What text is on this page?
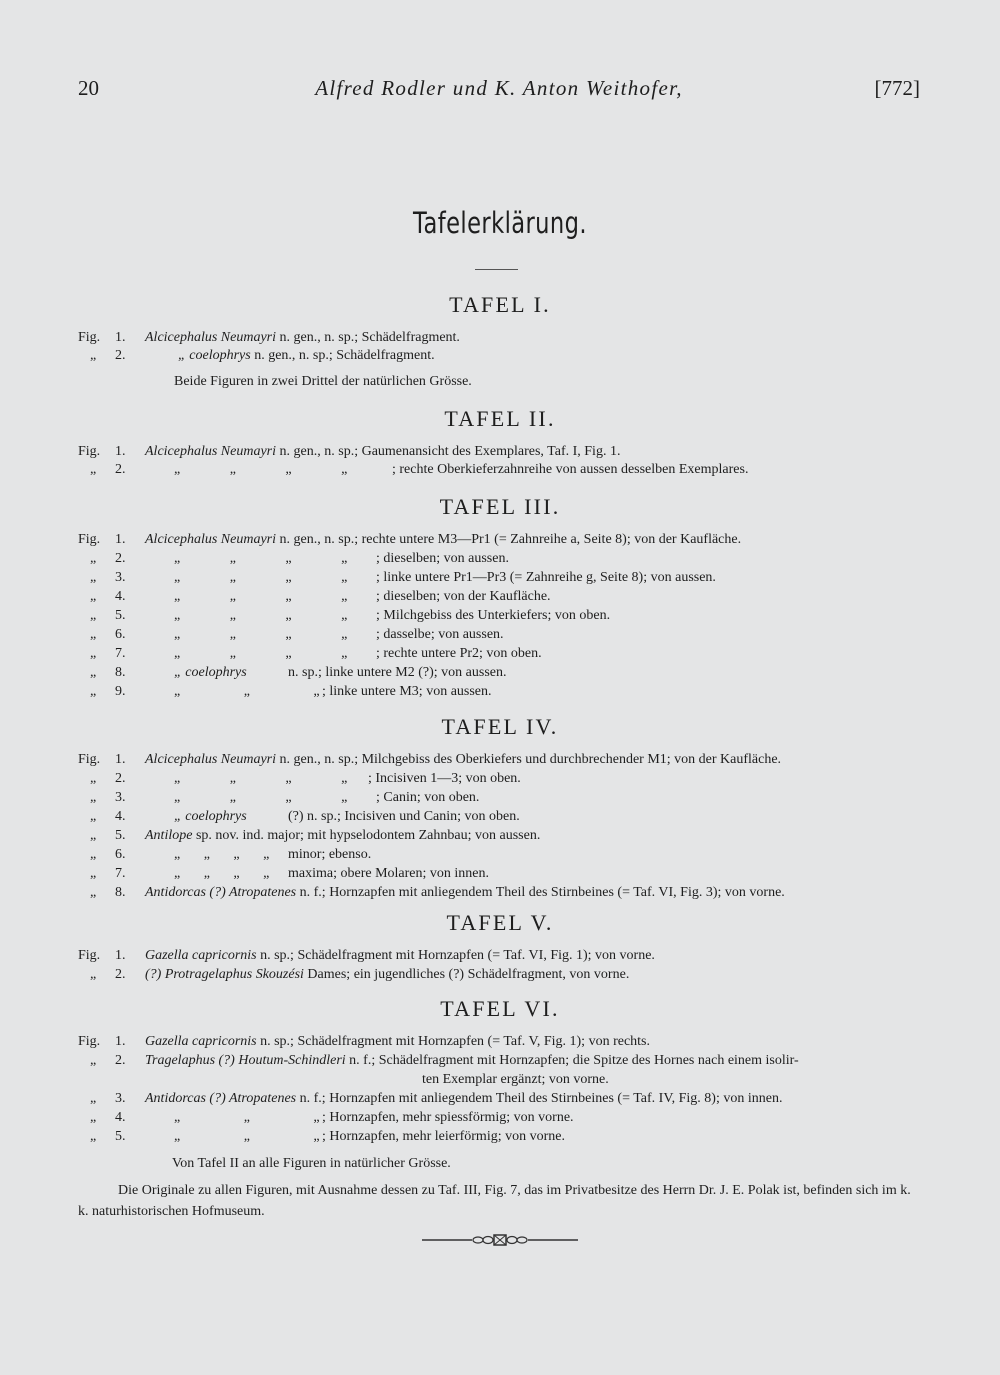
20	Alfred Rodler und K. Anton Weithofer,	[772]
Tafelerklärung.
TAFEL I.
Fig. 1. Alcicephalus Neumayri n. gen., n. sp.; Schädelfragment.
„ 2.	„ coelophrys n. gen., n. sp.; Schädelfragment.
Beide Figuren in zwei Drittel der natürlichen Grösse.
TAFEL II.
Fig. 1. Alcicephalus Neumayri n. gen., n. sp.; Gaumenansicht des Exemplares, Taf. I, Fig. 1.
„ 2.	„ „ „ „	; rechte Oberkieferzahnreihe von aussen desselben Exemplares.
TAFEL III.
Fig. 1. Alcicephalus Neumayri n. gen., n. sp.; rechte untere M3—Pr1 (= Zahnreihe a, Seite 8); von der Kaufläche.
„ 2.	„ „ „ „ ; dieselben; von aussen.
„ 3.	„ „ „ „ ; linke untere Pr1—Pr3 (= Zahnreihe g, Seite 8); von aussen.
„ 4.	„ „ „ „ ; dieselben; von der Kaufläche.
„ 5.	„ „ „ „ ; Milchgebiss des Unterkiefers; von oben.
„ 6.	„ „ „ „ ; dasselbe; von aussen.
„ 7.	„ „ „ „ ; rechte untere Pr2; von oben.
„ 8.	„ coelophrys	n. sp.; linke untere M2 (?); von aussen.
„ 9.	„ „ „ ; linke untere M3; von aussen.
TAFEL IV.
Fig. 1. Alcicephalus Neumayri n. gen., n. sp.; Milchgebiss des Oberkiefers und durchbrechender M1; von der Kaufläche.
„ 2.	„ „ „ „ ; Incisiven 1—3; von oben.
„ 3.	„ „ „ „ ; Canin; von oben.
„ 4.	„ coelophrys	(?) n. sp.; Incisiven und Canin; von oben.
„ 5. Antilope sp. nov. ind. major; mit hypselodontem Zahnbau; von aussen.
„ 6.	„ „ „ „ minor; ebenso.
„ 7.	„ „ „ „ maxima; obere Molaren; von innen.
„ 8. Antidorcas (?) Atropatenes n. f.; Hornzapfen mit anliegendem Theil des Stirnbeines (= Taf. VI, Fig. 3); von vorne.
TAFEL V.
Fig. 1. Gazella capricornis n. sp.; Schädelfragment mit Hornzapfen (= Taf. VI, Fig. 1); von vorne.
„ 2. (?) Protragelaphus Skouzési Dames; ein jugendliches (?) Schädelfragment, von vorne.
TAFEL VI.
Fig. 1. Gazella capricornis n. sp.; Schädelfragment mit Hornzapfen (= Taf. V, Fig. 1); von rechts.
„ 2. Tragelaphus (?) Houtum-Schindleri n. f.; Schädelfragment mit Hornzapfen; die Spitze des Hornes nach einem isolir-
ten Exemplar ergänzt; von vorne.
„ 3. Antidorcas (?) Atropatenes n. f.; Hornzapfen mit anliegendem Theil des Stirnbeines (= Taf. IV, Fig. 8); von innen.
„ 4.	„ „ „ ; Hornzapfen, mehr spiessförmig; von vorne.
„ 5.	„ „ „ ; Hornzapfen, mehr leierförmig; von vorne.
Von Tafel II an alle Figuren in natürlicher Grösse.
Die Originale zu allen Figuren, mit Ausnahme dessen zu Taf. III, Fig. 7, das im Privatbesitze des Herrn Dr. J. E. Polak ist, befinden sich im k. k. naturhistorischen Hofmuseum.
